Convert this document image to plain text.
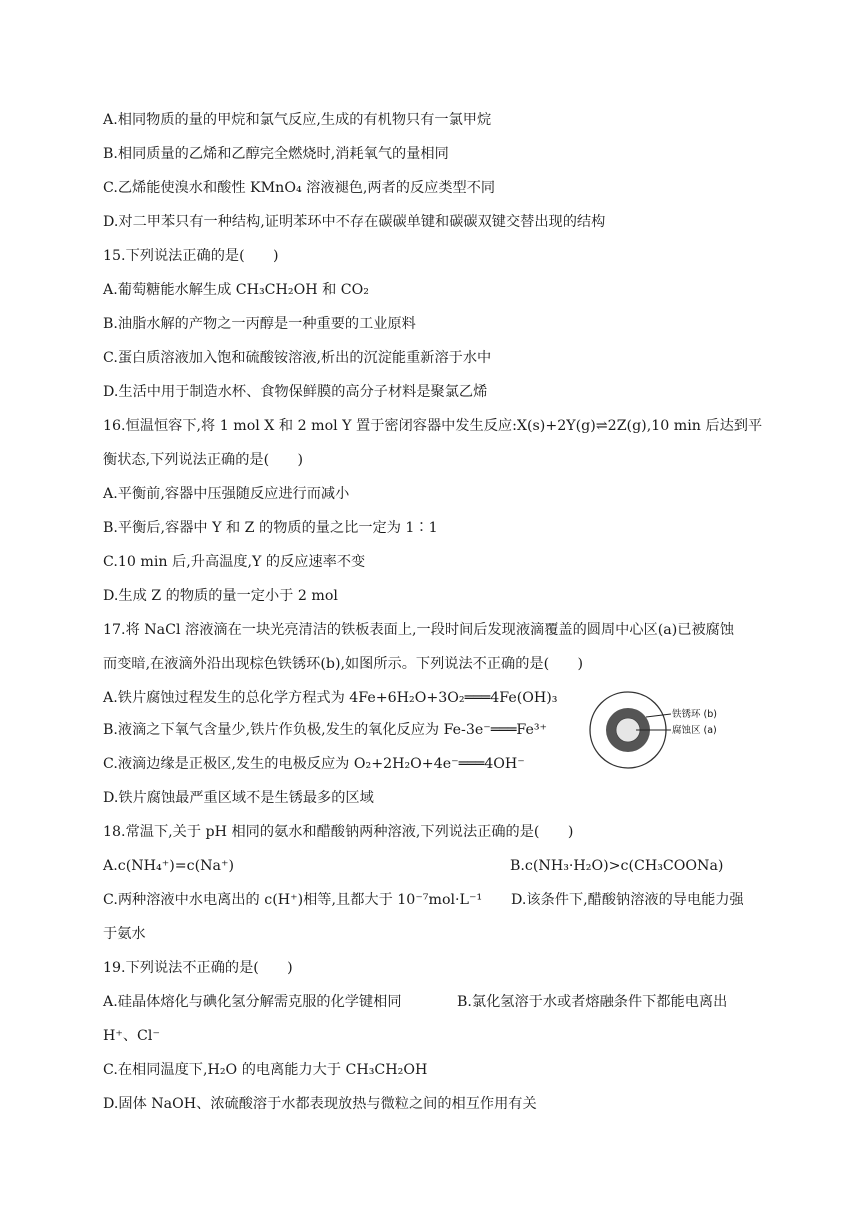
A.相同物质的量的甲烷和氯气反应,生成的有机物只有一氯甲烷
B.相同质量的乙烯和乙醇完全燃烧时,消耗氧气的量相同
C.乙烯能使溴水和酸性 KMnO₄ 溶液褪色,两者的反应类型不同
D.对二甲苯只有一种结构,证明苯环中不存在碳碳单键和碳碳双键交替出现的结构
15.下列说法正确的是(　　)
A.葡萄糖能水解生成 CH₃CH₂OH 和 CO₂
B.油脂水解的产物之一丙醇是一种重要的工业原料
C.蛋白质溶液加入饱和硫酸铵溶液,析出的沉淀能重新溶于水中
D.生活中用于制造水杯、食物保鲜膜的高分子材料是聚氯乙烯
16.恒温恒容下,将 1 mol X 和 2 mol Y 置于密闭容器中发生反应:X(s)+2Y(g)⇌2Z(g),10 min 后达到平
衡状态,下列说法正确的是(　　)
A.平衡前,容器中压强随反应进行而减小
B.平衡后,容器中 Y 和 Z 的物质的量之比一定为 1∶1
C.10 min 后,升高温度,Y 的反应速率不变
D.生成 Z 的物质的量一定小于 2 mol
17.将 NaCl 溶液滴在一块光亮清洁的铁板表面上,一段时间后发现液滴覆盖的圆周中心区(a)已被腐蚀
而变暗,在液滴外沿出现棕色铁锈环(b),如图所示。下列说法不正确的是(　　)
A.铁片腐蚀过程发生的总化学方程式为 4Fe+6H₂O+3O₂═══4Fe(OH)₃
B.液滴之下氧气含量少,铁片作负极,发生的氧化反应为 Fe-3e⁻═══Fe³⁺
C.液滴边缘是正极区,发生的电极反应为 O₂+2H₂O+4e⁻═══4OH⁻
D.铁片腐蚀最严重区域不是生锈最多的区域
铁锈环 (b)
腐蚀区 (a)
18.常温下,关于 pH 相同的氨水和醋酸钠两种溶液,下列说法正确的是(　　)
A.c(NH₄⁺)=c(Na⁺)	B.c(NH₃·H₂O)>c(CH₃COONa)
C.两种溶液中水电离出的 c(H⁺)相等,且都大于 10⁻⁷mol·L⁻¹ D.该条件下,醋酸钠溶液的导电能力强
于氨水
19.下列说法不正确的是(　　)
A.硅晶体熔化与碘化氢分解需克服的化学键相同	B.氯化氢溶于水或者熔融条件下都能电离出
H⁺、Cl⁻
C.在相同温度下,H₂O 的电离能力大于 CH₃CH₂OH
D.固体 NaOH、浓硫酸溶于水都表现放热与微粒之间的相互作用有关
